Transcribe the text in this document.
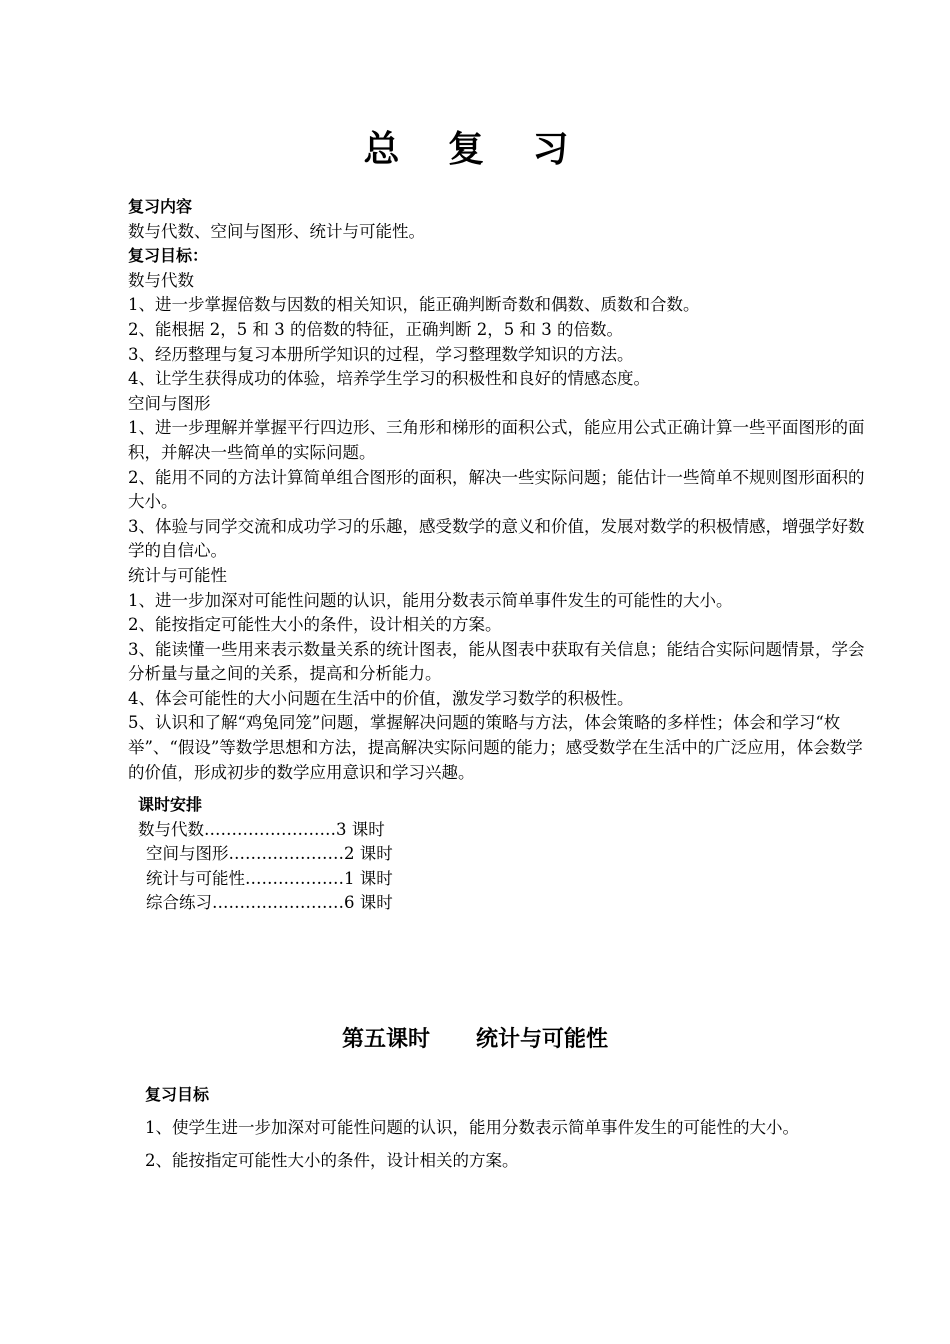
总 复 习
复习内容
数与代数、空间与图形、统计与可能性。
复习目标：
数与代数
1、进一步掌握倍数与因数的相关知识，能正确判断奇数和偶数、质数和合数。
2、能根据 2，5 和 3 的倍数的特征，正确判断 2，5 和 3 的倍数。
3、经历整理与复习本册所学知识的过程，学习整理数学知识的方法。
4、让学生获得成功的体验，培养学生学习的积极性和良好的情感态度。
空间与图形
1、进一步理解并掌握平行四边形、三角形和梯形的面积公式，能应用公式正确计算一些平面图形的面积，并解决一些简单的实际问题。
2、能用不同的方法计算简单组合图形的面积，解决一些实际问题；能估计一些简单不规则图形面积的大小。
3、体验与同学交流和成功学习的乐趣，感受数学的意义和价值，发展对数学的积极情感，增强学好数学的自信心。
统计与可能性
1、进一步加深对可能性问题的认识，能用分数表示简单事件发生的可能性的大小。
2、能按指定可能性大小的条件，设计相关的方案。
3、能读懂一些用来表示数量关系的统计图表，能从图表中获取有关信息；能结合实际问题情景，学会分析量与量之间的关系，提高和分析能力。
4、体会可能性的大小问题在生活中的价值，激发学习数学的积极性。
5、认识和了解“鸡兔同笼”问题，掌握解决问题的策略与方法，体会策略的多样性；体会和学习“枚举”、“假设”等数学思想和方法，提高解决实际问题的能力；感受数学在生活中的广泛应用，体会数学的价值，形成初步的数学应用意识和学习兴趣。
课时安排
数与代数……………………3 课时
空间与图形…………………2 课时
统计与可能性………………1 课时
综合练习……………………6 课时
第五课时      统计与可能性
复习目标
1、使学生进一步加深对可能性问题的认识，能用分数表示简单事件发生的可能性的大小。
2、能按指定可能性大小的条件，设计相关的方案。
